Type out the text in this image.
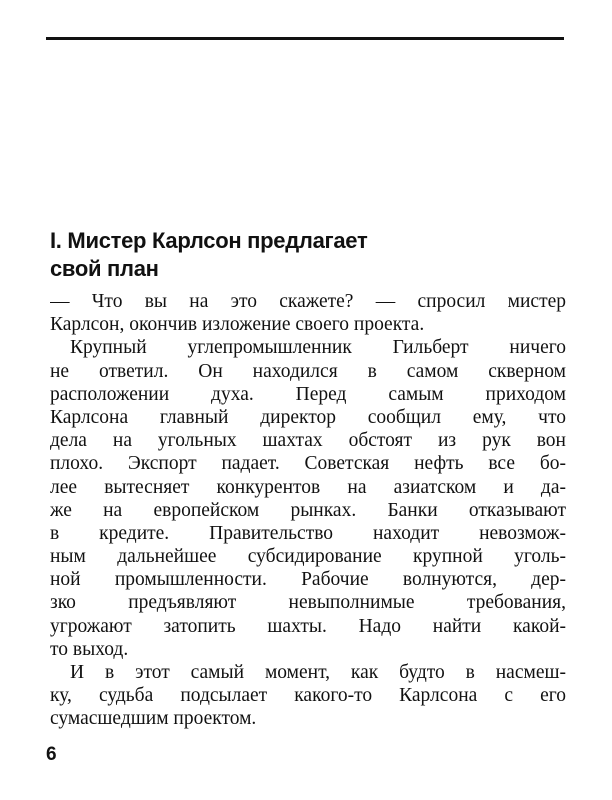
I. Мистер Карлсон предлагает
свой план
— Что вы на это скажете? — спросил мистер
Карлсон, окончив изложение своего проекта.
Крупный углепромышленник Гильберт ничего
не ответил. Он находился в самом скверном
расположении духа. Перед самым приходом
Карлсона главный директор сообщил ему, что
дела на угольных шахтах обстоят из рук вон
плохо. Экспорт падает. Советская нефть все бо-
лее вытесняет конкурентов на азиатском и да-
же на европейском рынках. Банки отказывают
в кредите. Правительство находит невозмож-
ным дальнейшее субсидирование крупной уголь-
ной промышленности. Рабочие волнуются, дер-
зко предъявляют невыполнимые требования,
угрожают затопить шахты. Надо найти какой-
то выход.
И в этот самый момент, как будто в насмеш-
ку, судьба подсылает какого-то Карлсона с его
сумасшедшим проектом.
6
